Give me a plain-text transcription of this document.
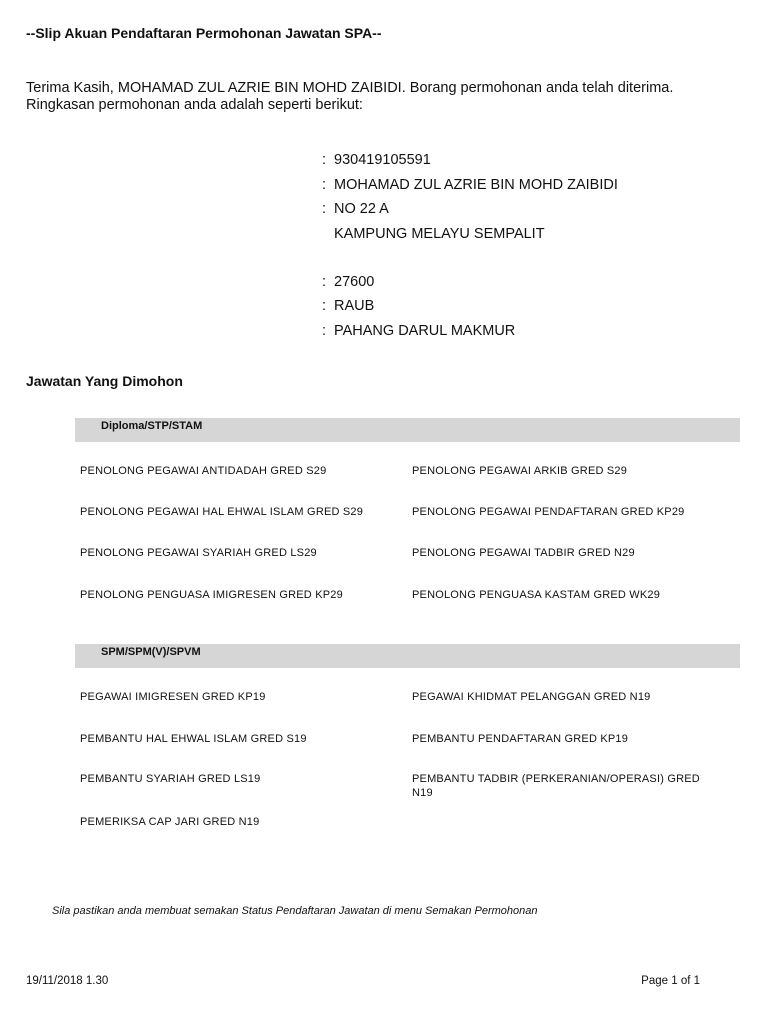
--Slip Akuan Pendaftaran Permohonan Jawatan SPA--
Terima Kasih, MOHAMAD ZUL AZRIE BIN MOHD ZAIBIDI. Borang permohonan anda telah diterima.
Ringkasan permohonan anda adalah seperti berikut:
: 930419105591
: MOHAMAD ZUL AZRIE BIN MOHD ZAIBIDI
: NO 22 A
KAMPUNG MELAYU SEMPALIT
: 27600
: RAUB
: PAHANG DARUL MAKMUR
Jawatan Yang Dimohon
Diploma/STP/STAM
PENOLONG PEGAWAI ANTIDADAH GRED S29	PENOLONG PEGAWAI ARKIB GRED S29
PENOLONG PEGAWAI HAL EHWAL ISLAM GRED S29	PENOLONG PEGAWAI PENDAFTARAN GRED KP29
PENOLONG PEGAWAI SYARIAH GRED LS29	PENOLONG PEGAWAI TADBIR GRED N29
PENOLONG PENGUASA IMIGRESEN GRED KP29	PENOLONG PENGUASA KASTAM GRED WK29
SPM/SPM(V)/SPVM
PEGAWAI IMIGRESEN GRED KP19	PEGAWAI KHIDMAT PELANGGAN GRED N19
PEMBANTU HAL EHWAL ISLAM GRED S19	PEMBANTU PENDAFTARAN GRED KP19
PEMBANTU SYARIAH GRED LS19	PEMBANTU TADBIR (PERKERANIAN/OPERASI) GRED N19
PEMERIKSA CAP JARI GRED N19
Sila pastikan anda membuat semakan Status Pendaftaran Jawatan di menu Semakan Permohonan
19/11/2018 1.30	Page 1 of 1
